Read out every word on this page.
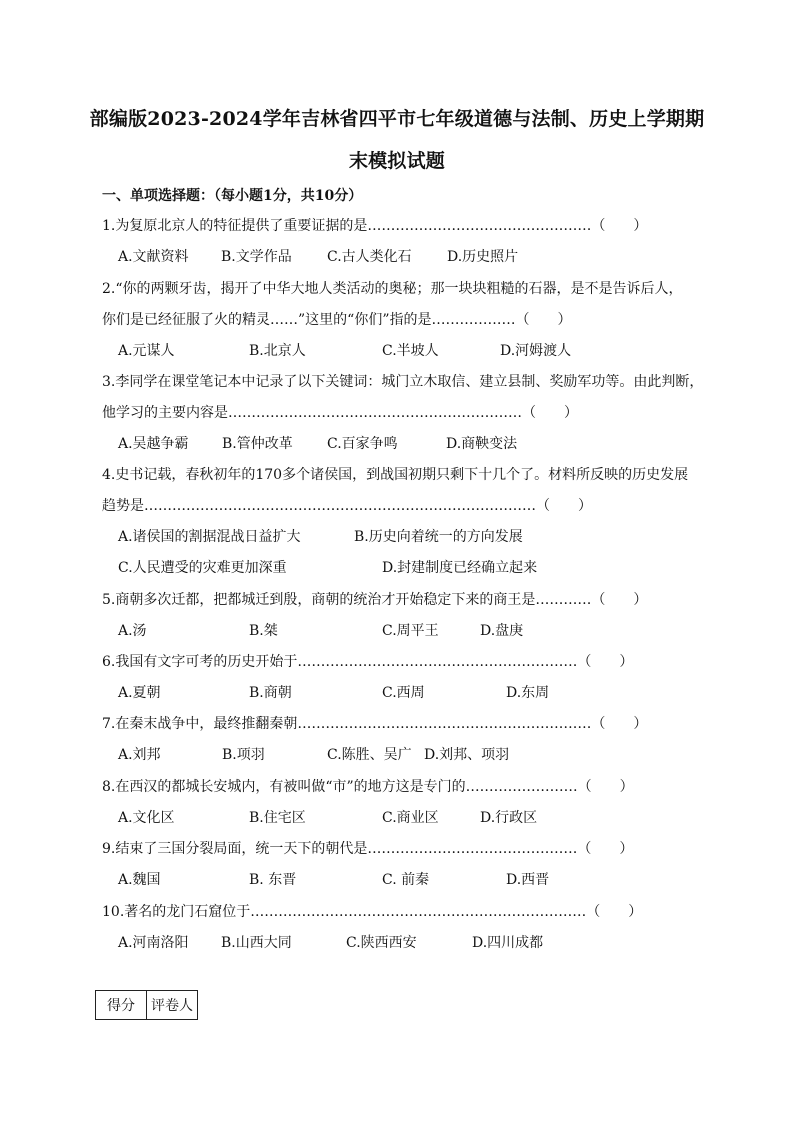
部编版2023-2024学年吉林省四平市七年级道德与法制、历史上学期期
末模拟试题
一、单项选择题：（每小题1分，共10分）
1.为复原北京人的特征提供了重要证据的是…………………………………………（　　）
A.文献资料 B.文学作品	C.古人类化石	D.历史照片
2.“你的两颗牙齿，揭开了中华大地人类活动的奥秘；那一块块粗糙的石器，是不是告诉后人，
你们是已经征服了火的精灵……”这里的“你们”指的是………………（　　）
A.元谋人	B.北京人	C.半坡人	D.河姆渡人
3.李同学在课堂笔记本中记录了以下关键词：城门立木取信、建立县制、奖励军功等。由此判断，
他学习的主要内容是………………………………………………………（　　）
A.吴越争霸 B.管仲改革 C.百家争鸣	D.商鞅变法
4.史书记载，春秋初年的170多个诸侯国，到战国初期只剩下十几个了。材料所反映的历史发展
趋势是…………………………………………………………………………（　　）
A.诸侯国的割据混战日益扩大	B.历史向着统一的方向发展
C.人民遭受的灾难更加深重	D.封建制度已经确立起来
5.商朝多次迁都，把都城迁到殷，商朝的统治才开始稳定下来的商王是…………（　　）
A.汤	B.桀	C.周平王	D.盘庚
6.我国有文字可考的历史开始于……………………………………………………（　　）
A.夏朝	B.商朝	C.西周	D.东周
7.在秦末战争中，最终推翻秦朝………………………………………………………（　　）
A.刘邦	B.项羽	C.陈胜、吴广 D.刘邦、项羽
8.在西汉的都城长安城内，有被叫做“市”的地方这是专门的……………………（　　）
A.文化区	B.住宅区	C.商业区	D.行政区
9.结束了三国分裂局面，统一天下的朝代是………………………………………（　　）
A.魏国	B. 东晋	C. 前秦	D.西晋
10.著名的龙门石窟位于………………………………………………………………（　　）
A.河南洛阳 B.山西大同	C.陕西西安	D.四川成都
得分	评卷人
